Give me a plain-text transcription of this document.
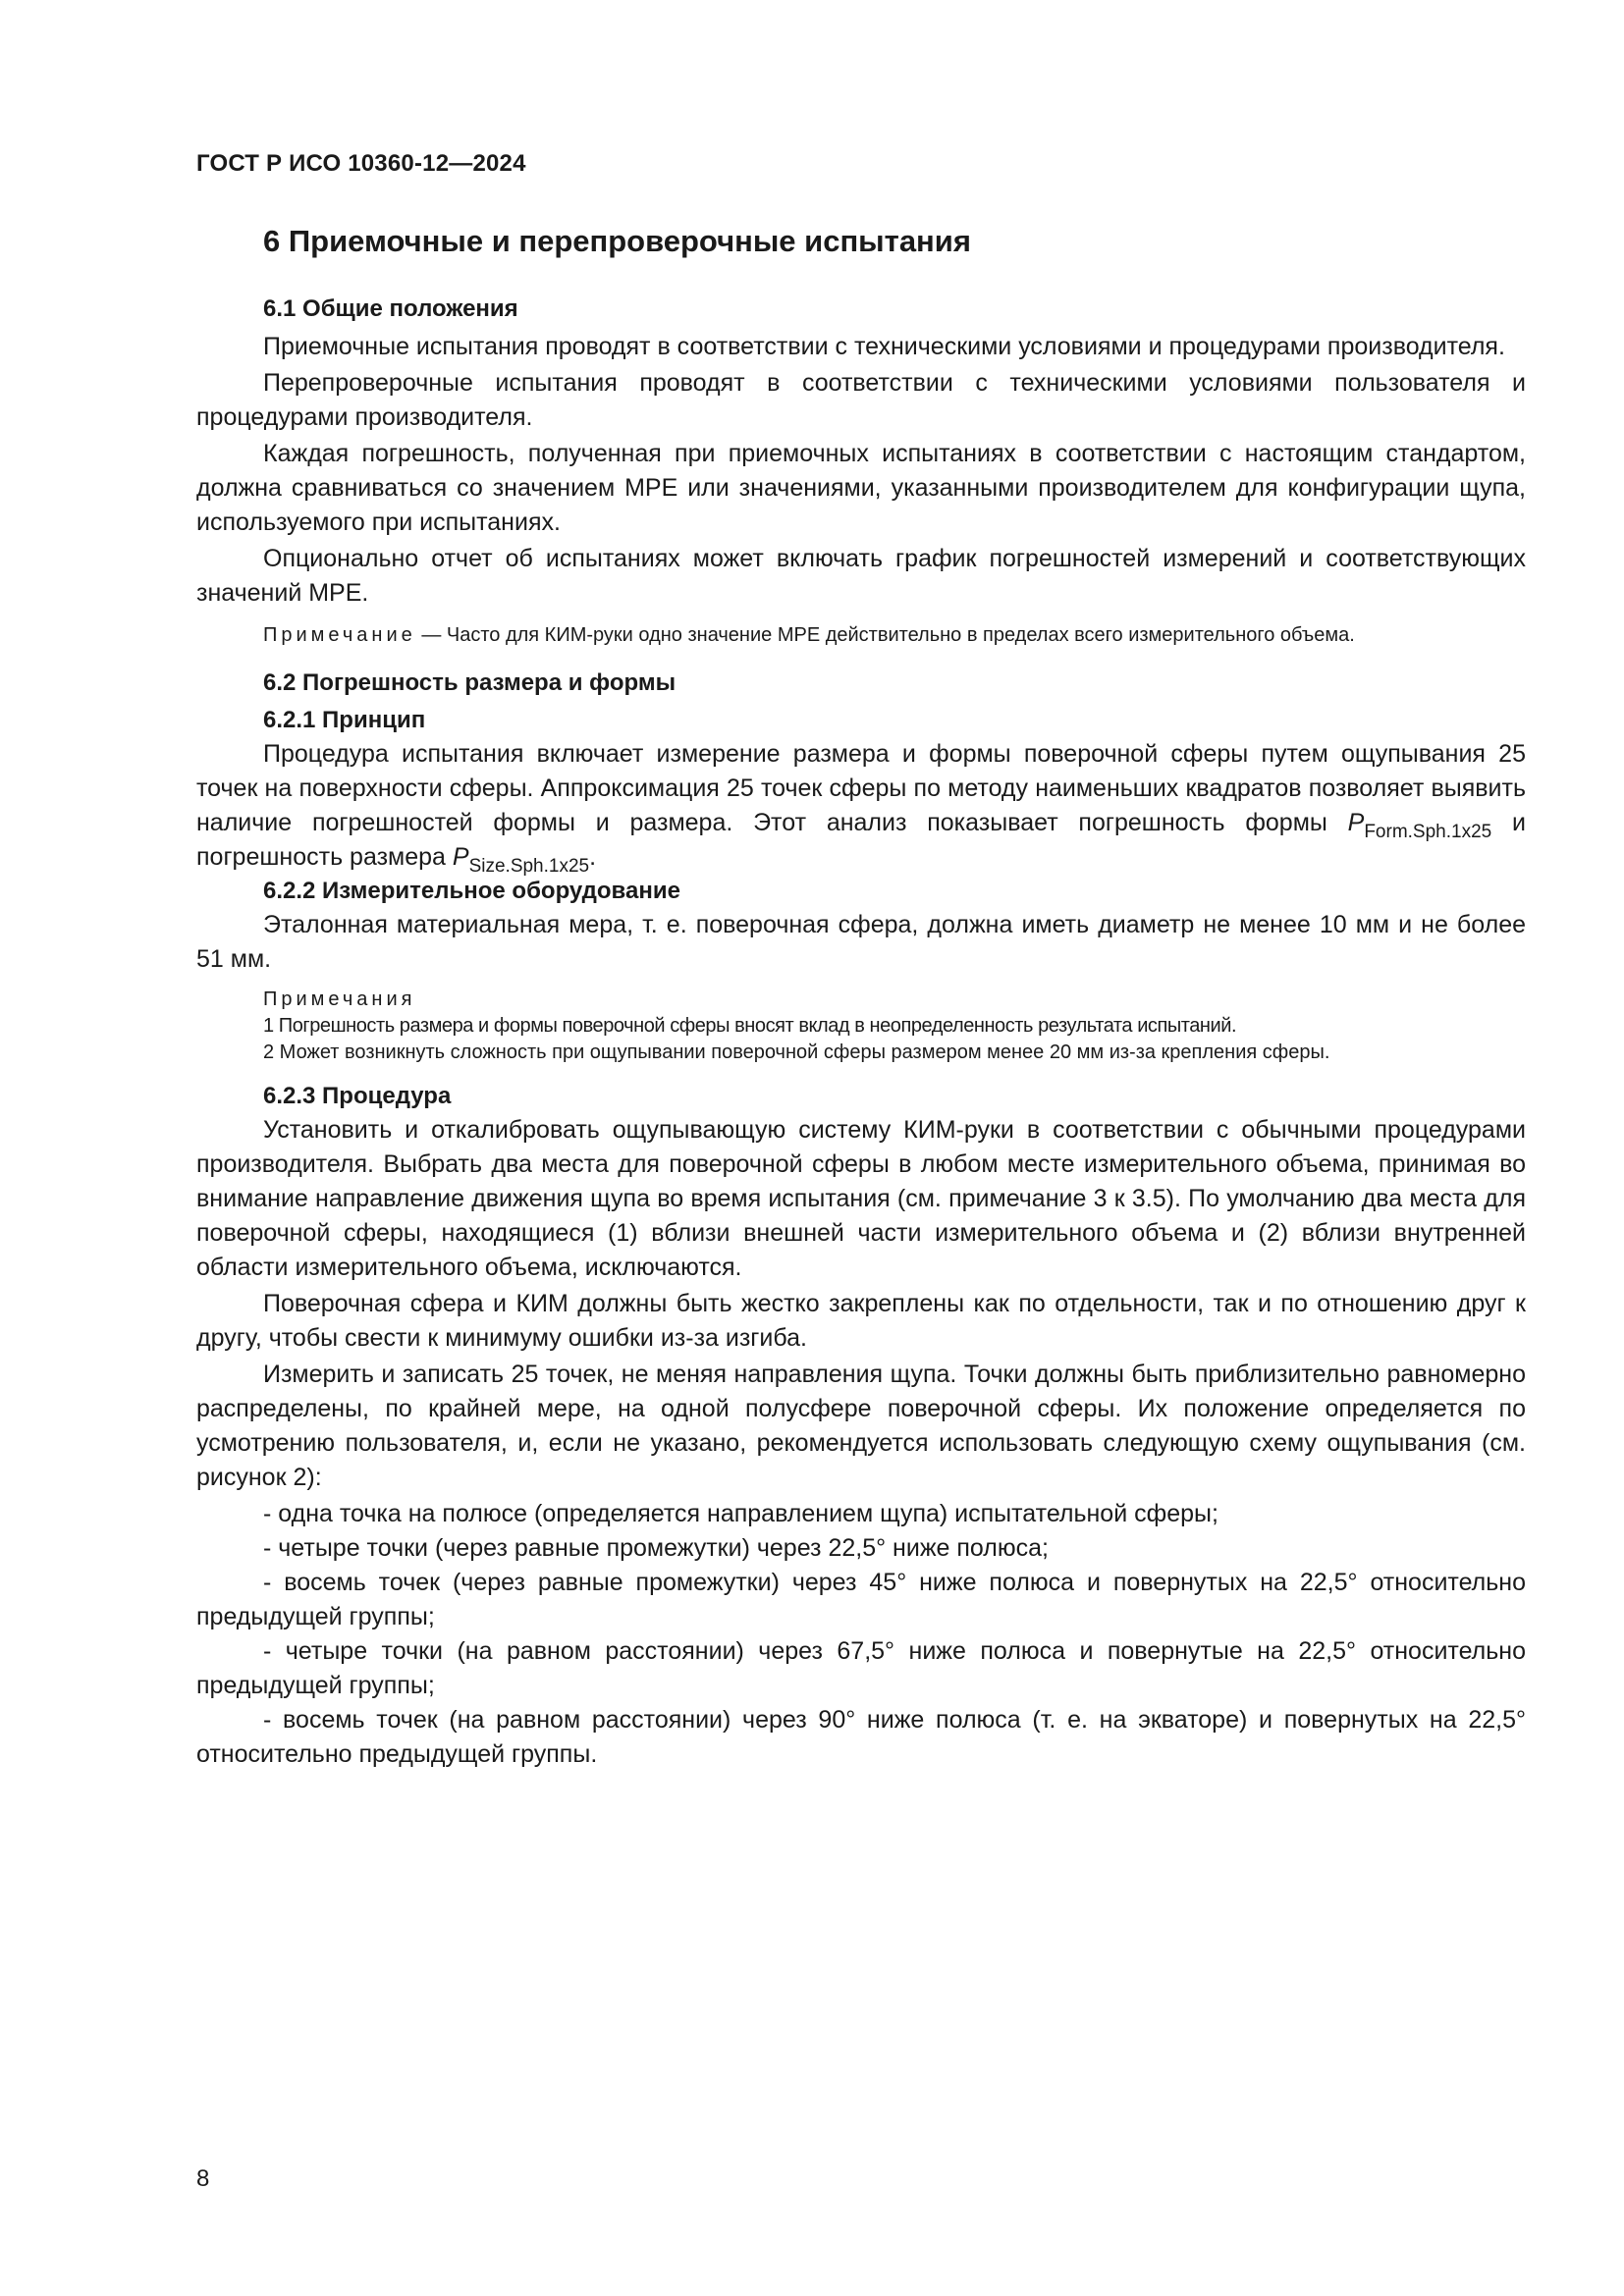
ГОСТ Р ИСО 10360-12—2024
6 Приемочные и перепроверочные испытания
6.1 Общие положения

Приемочные испытания проводят в соответствии с техническими условиями и процедурами производителя.

Перепроверочные испытания проводят в соответствии с техническими условиями пользователя и процедурами производителя.

Каждая погрешность, полученная при приемочных испытаниях в соответствии с настоящим стандартом, должна сравниваться со значением MPE или значениями, указанными производителем для конфигурации щупа, используемого при испытаниях.

Опционально отчет об испытаниях может включать график погрешностей измерений и соответствующих значений MPE.

Примечание — Часто для КИМ-руки одно значение MPE действительно в пределах всего измерительного объема.

6.2 Погрешность размера и формы
6.2.1 Принцип

Процедура испытания включает измерение размера и формы поверочной сферы путем ощупывания 25 точек на поверхности сферы. Аппроксимация 25 точек сферы по методу наименьших квадратов позволяет выявить наличие погрешностей формы и размера. Этот анализ показывает погрешность формы $P_{Form.Sph.1x25}$ и погрешность размера $P_{Size.Sph.1x25}$.

6.2.2 Измерительное оборудование

Эталонная материальная мера, т. е. поверочная сфера, должна иметь диаметр не менее 10 мм и не более 51 мм.

Примечания

1 Погрешность размера и формы поверочной сферы вносят вклад в неопределенность результата испытаний.

2 Может возникнуть сложность при ощупывании поверочной сферы размером менее 20 мм из-за крепления сферы.

6.2.3 Процедура

Установить и откалибровать ощупывающую систему КИМ-руки в соответствии с обычными процедурами производителя. Выбрать два места для поверочной сферы в любом месте измерительного объема, принимая во внимание направление движения щупа во время испытания (см. примечание 3 к 3.5). По умолчанию два места для поверочной сферы, находящиеся (1) вблизи внешней части измерительного объема и (2) вблизи внутренней области измерительного объема, исключаются.

Поверочная сфера и КИМ должны быть жестко закреплены как по отдельности, так и по отношению друг к другу, чтобы свести к минимуму ошибки из-за изгиба.

Измерить и записать 25 точек, не меняя направления щупа. Точки должны быть приблизительно равномерно распределены, по крайней мере, на одной полусфере поверочной сферы. Их положение определяется по усмотрению пользователя, и, если не указано, рекомендуется использовать следующую схему ощупывания (см. рисунок 2):

- одна точка на полюсе (определяется направлением щупа) испытательной сферы;

- четыре точки (через равные промежутки) через 22,5° ниже полюса;

- восемь точек (через равные промежутки) через 45° ниже полюса и повернутых на 22,5° относительно предыдущей группы;

- четыре точки (на равном расстоянии) через 67,5° ниже полюса и повернутые на 22,5° относительно предыдущей группы;

- восемь точек (на равном расстоянии) через 90° ниже полюса (т. е. на экваторе) и повернутых на 22,5° относительно предыдущей группы.

8
